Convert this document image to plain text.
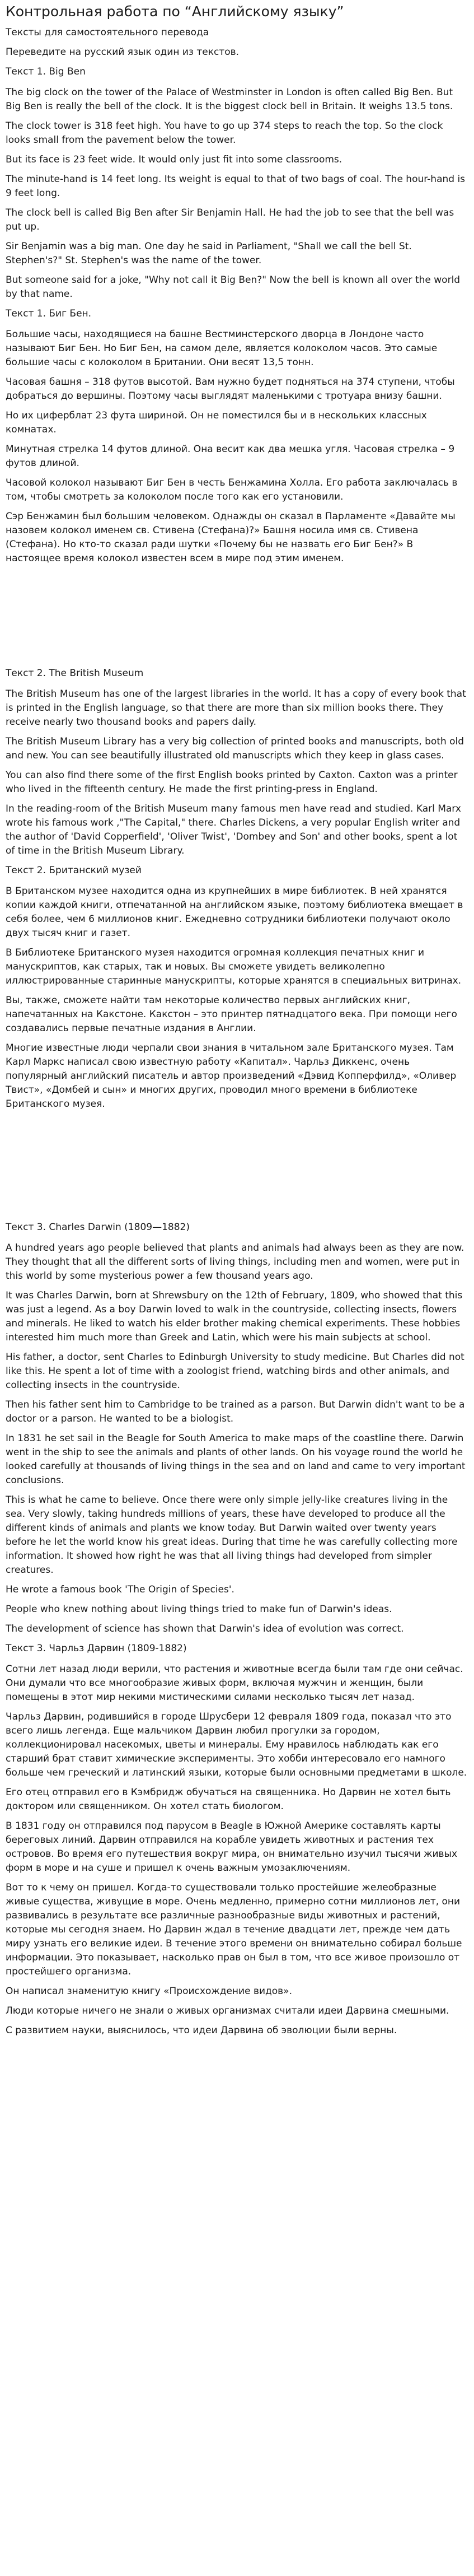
Контрольная работа по “Английскому языку”

Тексты для самостоятельного перевода

Переведите на русский язык один из текстов.

Текст 1. Big Ben

The big clock on the tower of the Palace of Westminster in London is often called Big Ben. But Big Ben is really the bell of the clock. It is the biggest clock bell in Britain. It weighs 13.5 tons.

The clock tower is 318 feet high. You have to go up 374 steps to reach the top. So the clock looks small from the pavement below the tower.

But its face is 23 feet wide. It would only just fit into some classrooms.

The minute-hand is 14 feet long. Its weight is equal to that of two bags of coal. The hour-hand is 9 feet long.

The clock bell is called Big Ben after Sir Benjamin Hall. He had the job to see that the bell was put up.

Sir Benjamin was a big man. One day he said in Parliament, "Shall we call the bell St. Stephen's?" St. Stephen's was the name of the tower.

But someone said for a joke, "Why not call it Big Ben?" Now the bell is known all over the world by that name.

Текст 1. Биг Бен.

Большие часы, находящиеся на башне Вестминстерского дворца в Лондоне часто называют Биг Бен. Но Биг Бен, на самом деле, является колоколом часов. Это самые большие часы с колоколом в Британии. Они весят 13,5 тонн.

Часовая башня – 318 футов высотой. Вам нужно будет подняться на 374 ступени, чтобы добраться до вершины. Поэтому часы выглядят маленькими с тротуара внизу башни.

Но их циферблат 23 фута шириной. Он не поместился бы и в нескольких классных комнатах.

Минутная стрелка 14 футов длиной. Она весит как два мешка угля. Часовая стрелка – 9 футов длиной.

Часовой колокол называют Биг Бен в честь Бенжамина Холла. Его работа заключалась в том, чтобы смотреть за колоколом после того как его установили.

Сэр Бенжамин был большим человеком. Однажды он сказал в Парламенте «Давайте мы назовем колокол именем св. Стивена (Стефана)?» Башня носила имя св. Стивена (Стефана). Но кто-то сказал ради шутки «Почему бы не назвать его Биг Бен?» В настоящее время колокол известен всем в мире под этим именем.

Текст 2. The British Museum

The British Museum has one of the largest libraries in the world. It has a copy of every book that is printed in the English language, so that there are more than six million books there. They receive nearly two thousand books and papers daily.

The British Museum Library has a very big collection of printed books and manuscripts, both old and new. You can see beautifully illustrated old manuscripts which they keep in glass cases.

You can also find there some of the first English books printed by Caxton. Caxton was a printer who lived in the fifteenth century. He made the first printing-press in England.

In the reading-room of the British Museum many famous men have read and studied. Karl Marx wrote his famous work ,"The Capital," there. Charles Dickens, a very popular English writer and the author of 'David Copperfield', 'Oliver Twist', 'Dombey and Son' and other books, spent a lot of time in the British Museum Library.

Текст 2. Британский музей

В Британском музее находится одна из крупнейших в мире библиотек. В ней хранятся копии каждой книги, отпечатанной на английском языке, поэтому библиотека вмещает в себя более, чем 6 миллионов книг. Ежедневно сотрудники библиотеки получают около двух тысяч книг и газет.

В Библиотеке Британского музея находится огромная коллекция печатных книг и манускриптов, как старых, так и новых. Вы сможете увидеть великолепно иллюстрированные старинные манускрипты, которые хранятся в специальных витринах.

Вы, также, сможете найти там некоторые количество первых английских книг, напечатанных на Какстоне. Какстон – это принтер пятнадцатого века. При помощи него создавались первые печатные издания в Англии.

Многие известные люди черпали свои знания в читальном зале Британского музея. Там Карл Маркс написал свою известную работу «Капитал». Чарльз Диккенс, очень популярный английский писатель и автор произведений «Дэвид Копперфилд», «Оливер Твист», «Домбей и сын» и многих других, проводил много времени в библиотеке Британского музея.

Текст 3. Charles Darwin (1809—1882)

A hundred years ago people believed that plants and animals had always been as they are now. They thought that all the different sorts of living things, including men and women, were put in this world by some mysterious power a few thousand years ago.

It was Charles Darwin, born at Shrewsbury on the 12th of February, 1809, who showed that this was just a legend. As a boy Darwin loved to walk in the countryside, collecting insects, flowers and minerals. He liked to watch his elder brother making chemical experiments. These hobbies interested him much more than Greek and Latin, which were his main subjects at school.

His father, a doctor, sent Charles to Edinburgh University to study medicine. But Charles did not like this. He spent a lot of time with a zoologist friend, watching birds and other animals, and collecting insects in the countryside.

Then his father sent him to Cambridge to be trained as a parson. But Darwin didn't want to be a doctor or a parson. He wanted to be a biologist.

In 1831 he set sail in the Beagle for South America to make maps of the coastline there. Darwin went in the ship to see the animals and plants of other lands. On his voyage round the world he looked carefully at thousands of living things in the sea and on land and came to very important conclusions.

This is what he came to believe. Once there were only simple jelly-like creatures living in the sea. Very slowly, taking hundreds millions of years, these have developed to produce all the different kinds of animals and plants we know today. But Darwin waited over twenty years before he let the world know his great ideas. During that time he was carefully collecting more information. It showed how right he was that all living things had developed from simpler creatures.

He wrote a famous book 'The Origin of Species'.

People who knew nothing about living things tried to make fun of Darwin's ideas.

The development of science has shown that Darwin's idea of evolution was correct.

Текст 3. Чарльз Дарвин (1809-1882)

Сотни лет назад люди верили, что растения и животные всегда были там где они сейчас. Они думали что все многообразие живых форм, включая мужчин и женщин, были помещены в этот мир некими мистическими силами несколько тысяч лет назад.

Чарльз Дарвин, родившийся в городе Шрусбери 12 февраля 1809 года, показал что это всего лишь легенда. Еще мальчиком Дарвин любил прогулки за городом, коллекционировал насекомых, цветы и минералы. Ему нравилось наблюдать как его старший брат ставит химические эксперименты. Это хобби интересовало его намного больше чем греческий и латинский языки, которые были основными предметами в школе.

Его отец отправил его в Кэмбридж обучаться на священника. Но Дарвин не хотел быть доктором или священником. Он хотел стать биологом.

В 1831 году он отправился под парусом в Beagle в Южной Америке составлять карты береговых линий. Дарвин отправился на корабле увидеть животных и растения тех островов. Во время его путешествия вокруг мира, он внимательно изучил тысячи живых форм в море и на суше и пришел к очень важным умозаключениям.

Вот то к чему он пришел. Когда-то существовали только простейшие желеобразные живые существа, живущие в море. Очень медленно, примерно сотни миллионов лет, они развивались в результате все различные разнообразные виды животных и растений, которые мы сегодня знаем. Но Дарвин ждал в течение двадцати лет, прежде чем дать миру узнать его великие идеи. В течение этого времени он внимательно собирал больше информации. Это показывает, насколько прав он был в том, что все живое произошло от простейшего организма.

Он написал знаменитую книгу «Происхождение видов».

Люди которые ничего не знали о живых организмах считали идеи Дарвина смешными.

С развитием науки, выяснилось, что идеи Дарвина об эволюции были верны.
